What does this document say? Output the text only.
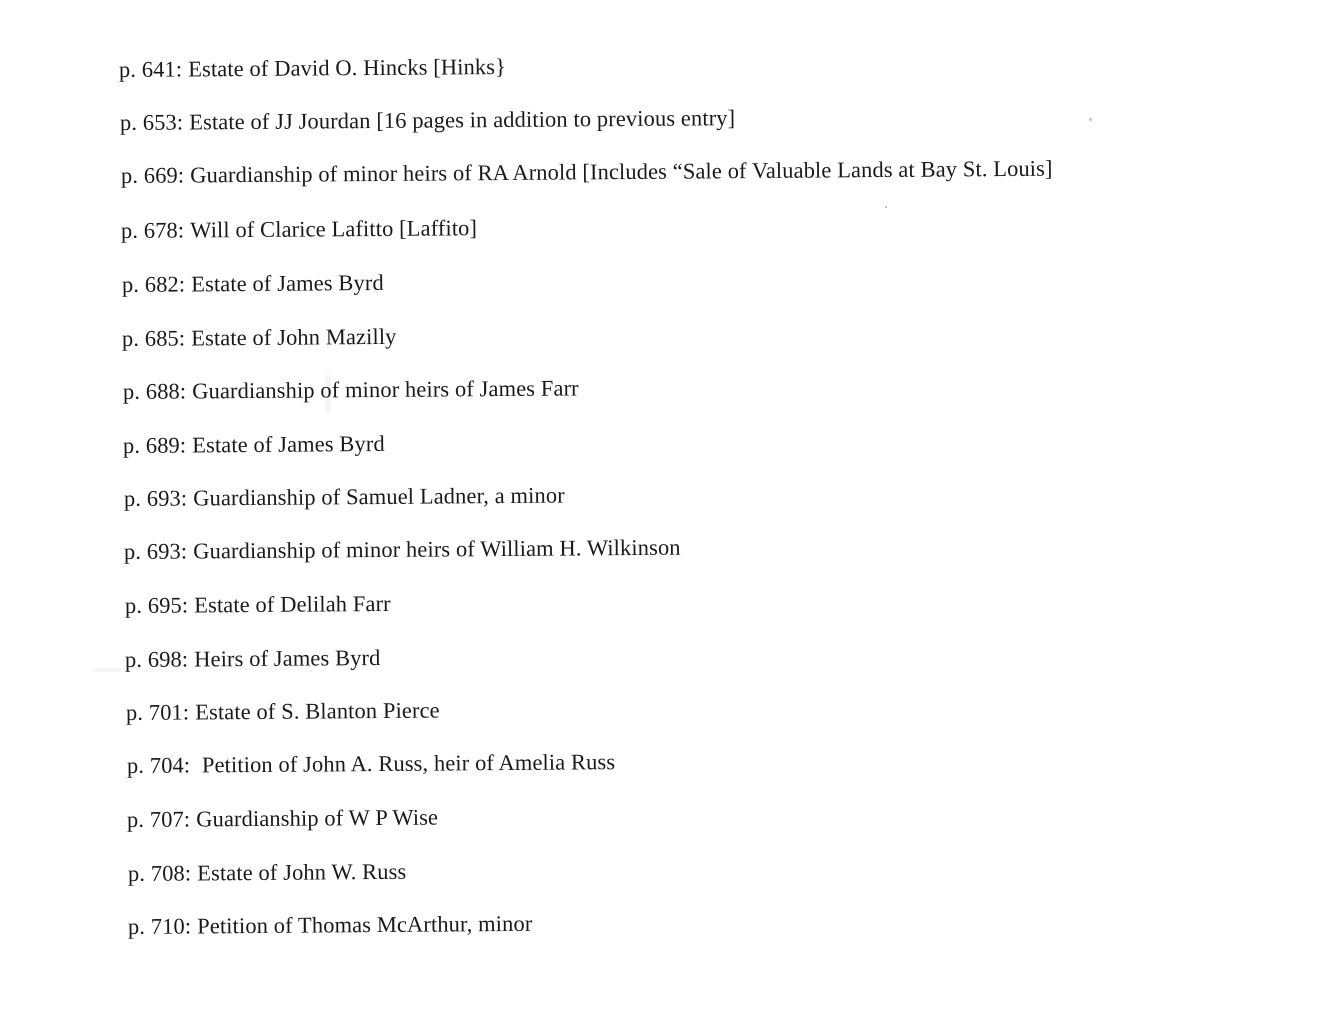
p. 641: Estate of David O. Hincks [Hinks}
p. 653: Estate of JJ Jourdan [16 pages in addition to previous entry]
p. 669: Guardianship of minor heirs of RA Arnold [Includes “Sale of Valuable Lands at Bay St. Louis]
p. 678: Will of Clarice Lafitto [Laffito]
p. 682: Estate of James Byrd
p. 685: Estate of John Mazilly
p. 688: Guardianship of minor heirs of James Farr
p. 689: Estate of James Byrd
p. 693: Guardianship of Samuel Ladner, a minor
p. 693: Guardianship of minor heirs of William H. Wilkinson
p. 695: Estate of Delilah Farr
p. 698: Heirs of James Byrd
p. 701: Estate of S. Blanton Pierce
p. 704: Petition of John A. Russ, heir of Amelia Russ
p. 707: Guardianship of W P Wise
p. 708: Estate of John W. Russ
p. 710: Petition of Thomas McArthur, minor
